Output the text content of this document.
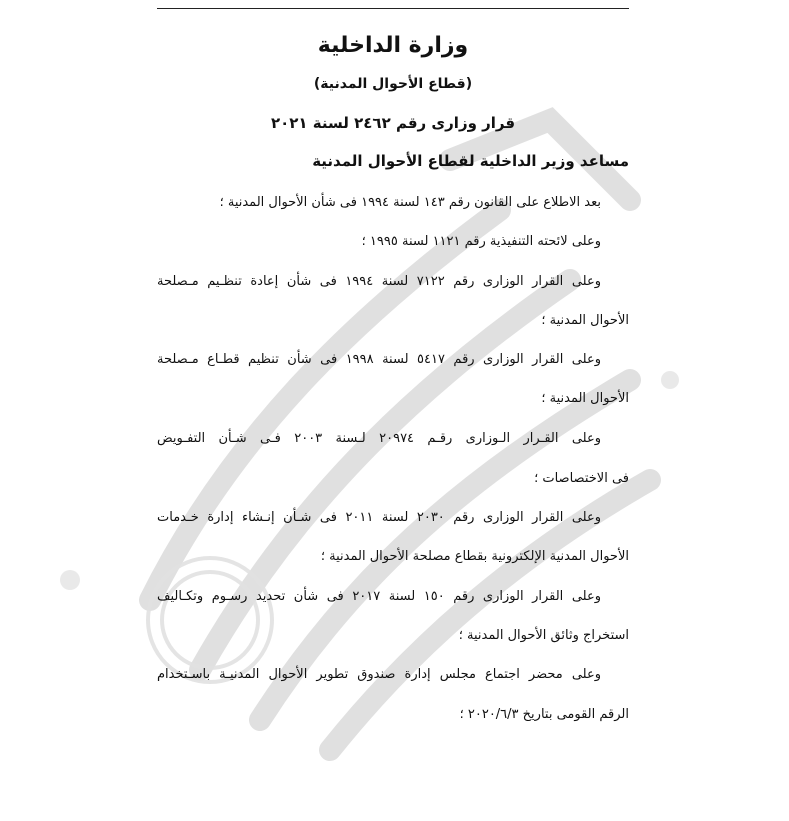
وزارة الداخلية
(قطاع الأحوال المدنية)
قرار وزارى رقم ٢٤٦٢ لسنة ٢٠٢١
مساعد وزير الداخلية لقطاع الأحوال المدنية
بعد الاطلاع على القانون رقم ١٤٣ لسنة ١٩٩٤ فى شأن الأحوال المدنية ؛
وعلى لائحته التنفيذية رقم ١١٢١ لسنة ١٩٩٥ ؛
وعلى القرار الوزارى رقم ٧١٢٢ لسنة ١٩٩٤ فى شأن إعادة تنظـيم مـصلحة
الأحوال المدنية ؛
وعلى القرار الوزارى رقم ٥٤١٧ لسنة ١٩٩٨ فى شأن تنظيم قطـاع مـصلحة
الأحوال المدنية ؛
وعلى القـرار الـوزارى رقـم ٢٠٩٧٤ لـسنة ٢٠٠٣ فـى شـأن التفـويض
فى الاختصاصات ؛
وعلى القرار الوزارى رقم ٢٠٣٠ لسنة ٢٠١١ فى شـأن إنـشاء إدارة خـدمات
الأحوال المدنية الإلكترونية بقطاع مصلحة الأحوال المدنية ؛
وعلى القرار الوزارى رقم ١٥٠ لسنة ٢٠١٧ فى شأن تحديد رسـوم وتكـاليف
استخراج وثائق الأحوال المدنية ؛
وعلى محضر اجتماع مجلس إدارة صندوق تطوير الأحوال المدنيـة باسـتخدام
الرقم القومى بتاريخ ٢٠٢٠/٦/٣ ؛
